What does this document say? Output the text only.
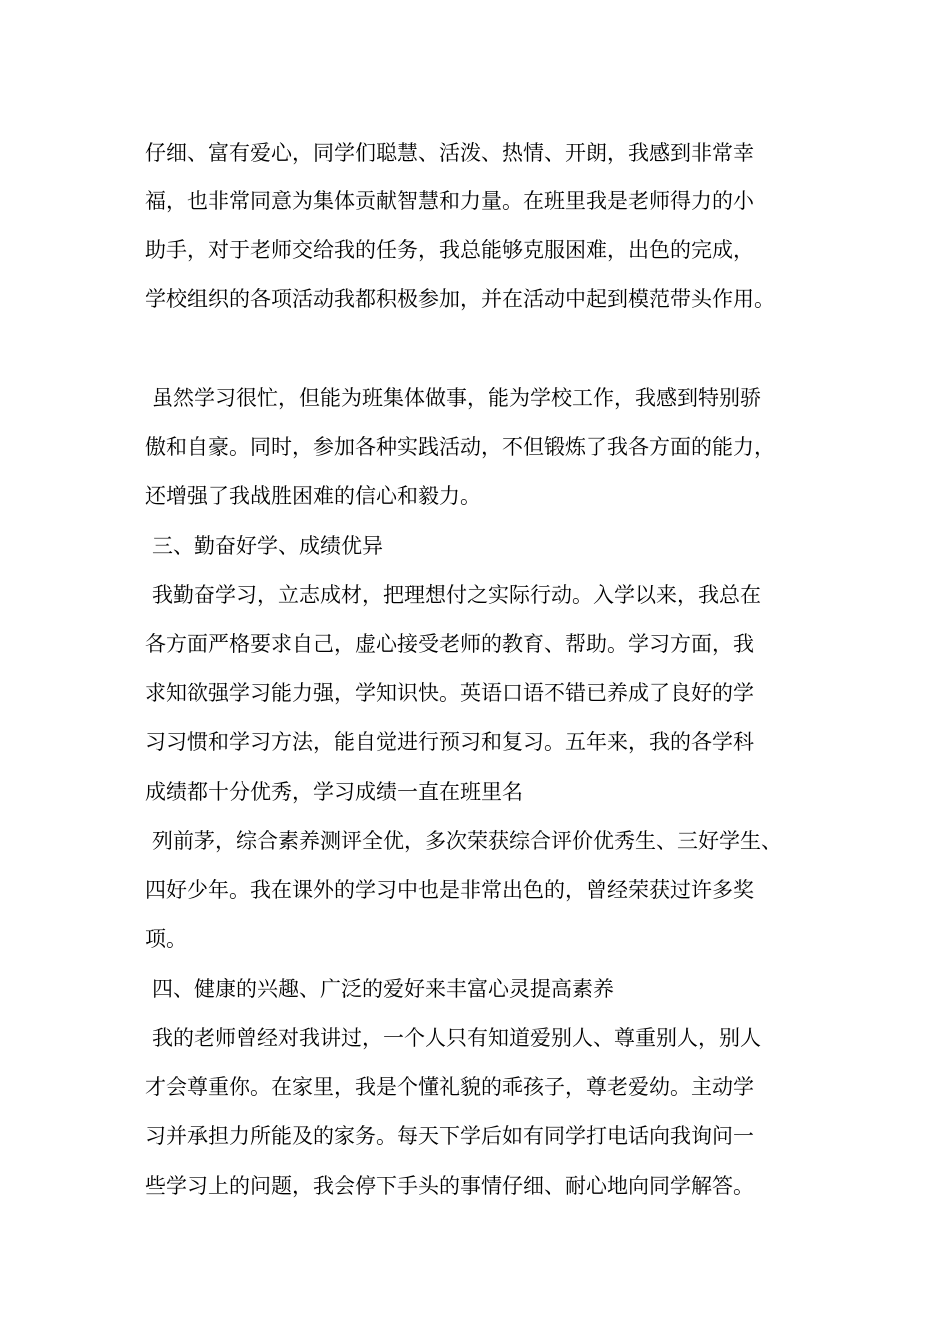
仔细、富有爱心，同学们聪慧、活泼、热情、开朗，我感到非常幸
福，也非常同意为集体贡献智慧和力量。在班里我是老师得力的小
助手，对于老师交给我的任务，我总能够克服困难，出色的完成，
学校组织的各项活动我都积极参加，并在活动中起到模范带头作用。
虽然学习很忙，但能为班集体做事，能为学校工作，我感到特别骄
傲和自豪。同时，参加各种实践活动，不但锻炼了我各方面的能力，
还增强了我战胜困难的信心和毅力。
三、勤奋好学、成绩优异
我勤奋学习，立志成材，把理想付之实际行动。入学以来，我总在
各方面严格要求自己，虚心接受老师的教育、帮助。学习方面，我
求知欲强学习能力强，学知识快。英语口语不错已养成了良好的学
习习惯和学习方法，能自觉进行预习和复习。五年来，我的各学科
成绩都十分优秀，学习成绩一直在班里名
列前茅，综合素养测评全优，多次荣获综合评价优秀生、三好学生、
四好少年。我在课外的学习中也是非常出色的，曾经荣获过许多奖
项。
四、健康的兴趣、广泛的爱好来丰富心灵提高素养
我的老师曾经对我讲过，一个人只有知道爱别人、尊重别人，别人
才会尊重你。在家里，我是个懂礼貌的乖孩子，尊老爱幼。主动学
习并承担力所能及的家务。每天下学后如有同学打电话向我询问一
些学习上的问题，我会停下手头的事情仔细、耐心地向同学解答。
